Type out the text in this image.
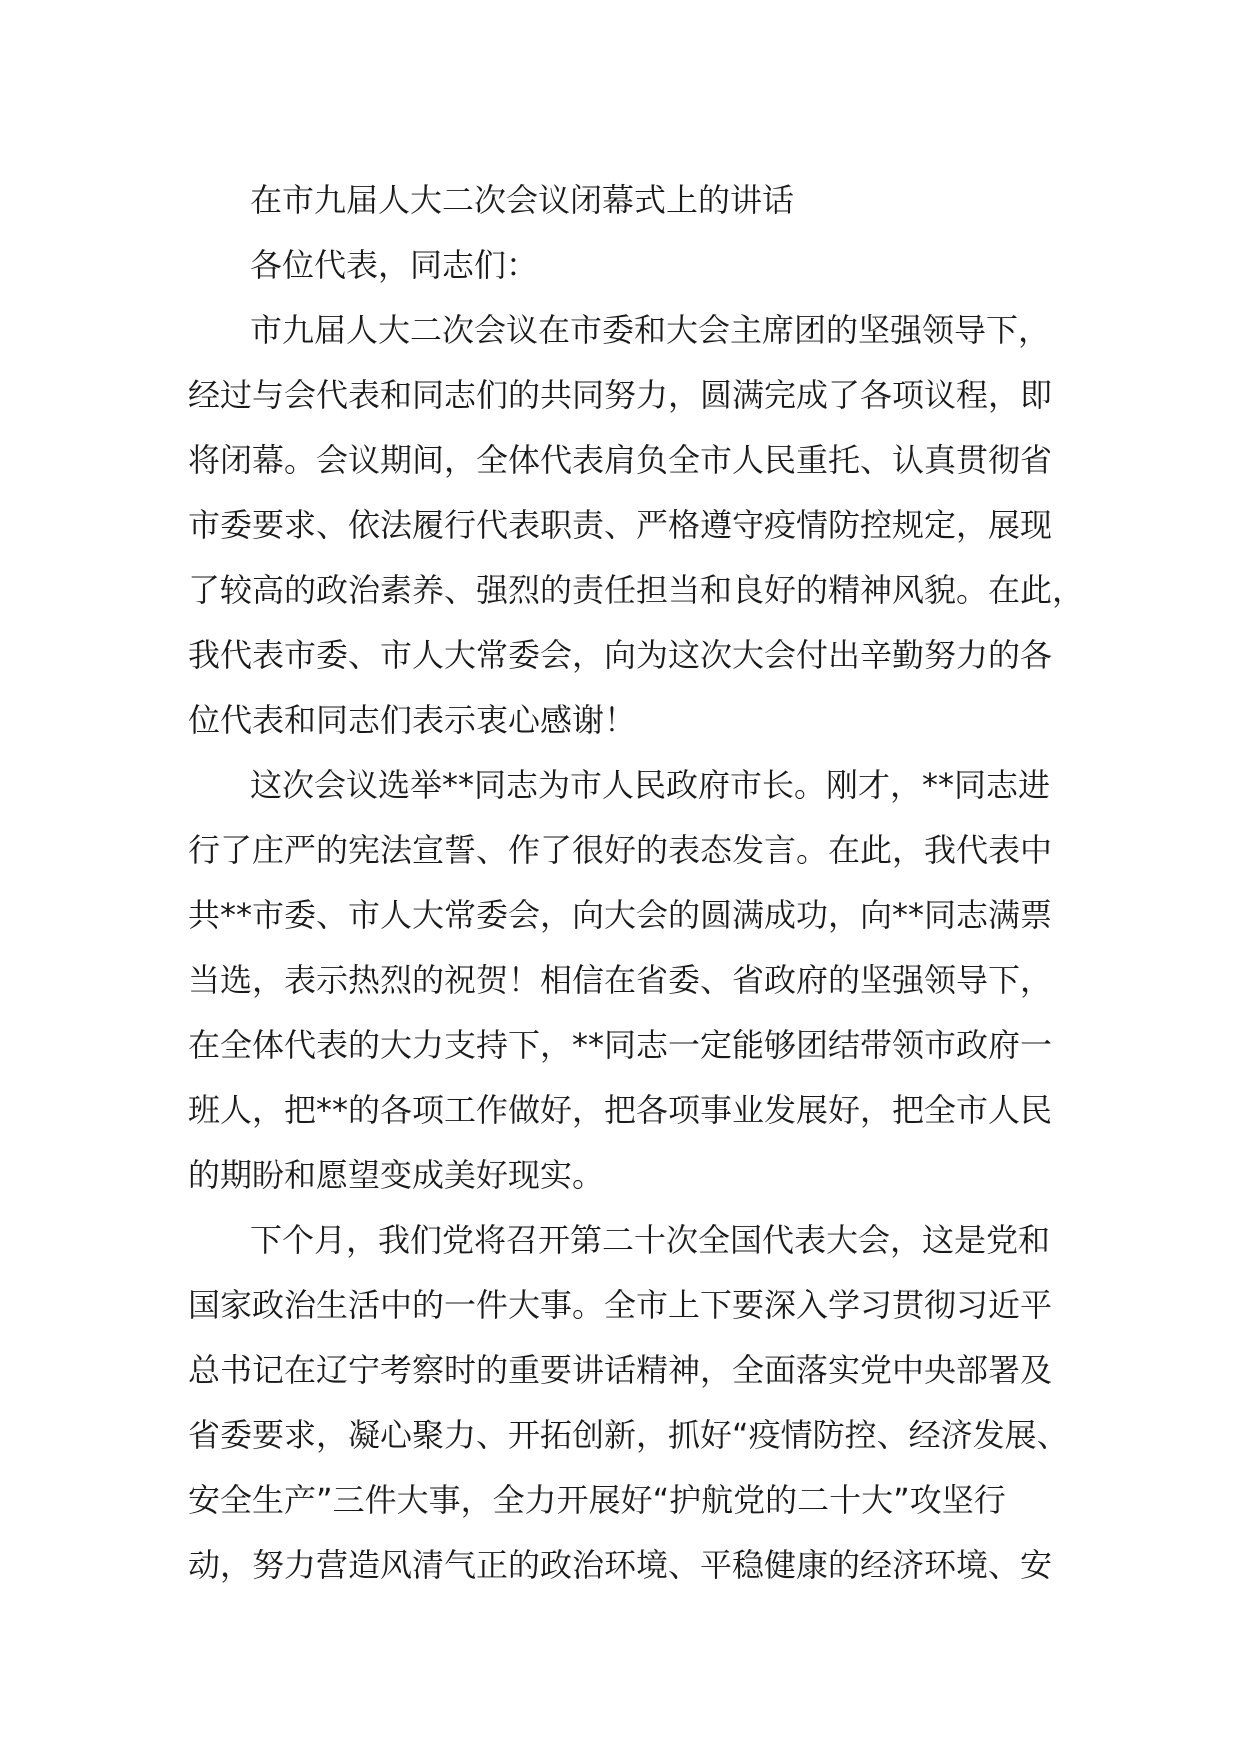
在市九届人大二次会议闭幕式上的讲话
各位代表，同志们：
市九届人大二次会议在市委和大会主席团的坚强领导下，
经过与会代表和同志们的共同努力，圆满完成了各项议程，即
将闭幕。会议期间，全体代表肩负全市人民重托、认真贯彻省
市委要求、依法履行代表职责、严格遵守疫情防控规定，展现
了较高的政治素养、强烈的责任担当和良好的精神风貌。在此，
我代表市委、市人大常委会，向为这次大会付出辛勤努力的各
位代表和同志们表示衷心感谢！
这次会议选举**同志为市人民政府市长。刚才，**同志进
行了庄严的宪法宣誓、作了很好的表态发言。在此，我代表中
共**市委、市人大常委会，向大会的圆满成功，向**同志满票
当选，表示热烈的祝贺！相信在省委、省政府的坚强领导下，
在全体代表的大力支持下，**同志一定能够团结带领市政府一
班人，把**的各项工作做好，把各项事业发展好，把全市人民
的期盼和愿望变成美好现实。
下个月，我们党将召开第二十次全国代表大会，这是党和
国家政治生活中的一件大事。全市上下要深入学习贯彻习近平
总书记在辽宁考察时的重要讲话精神，全面落实党中央部署及
省委要求，凝心聚力、开拓创新，抓好“疫情防控、经济发展、
安全生产”三件大事，全力开展好“护航党的二十大”攻坚行
动，努力营造风清气正的政治环境、平稳健康的经济环境、安
